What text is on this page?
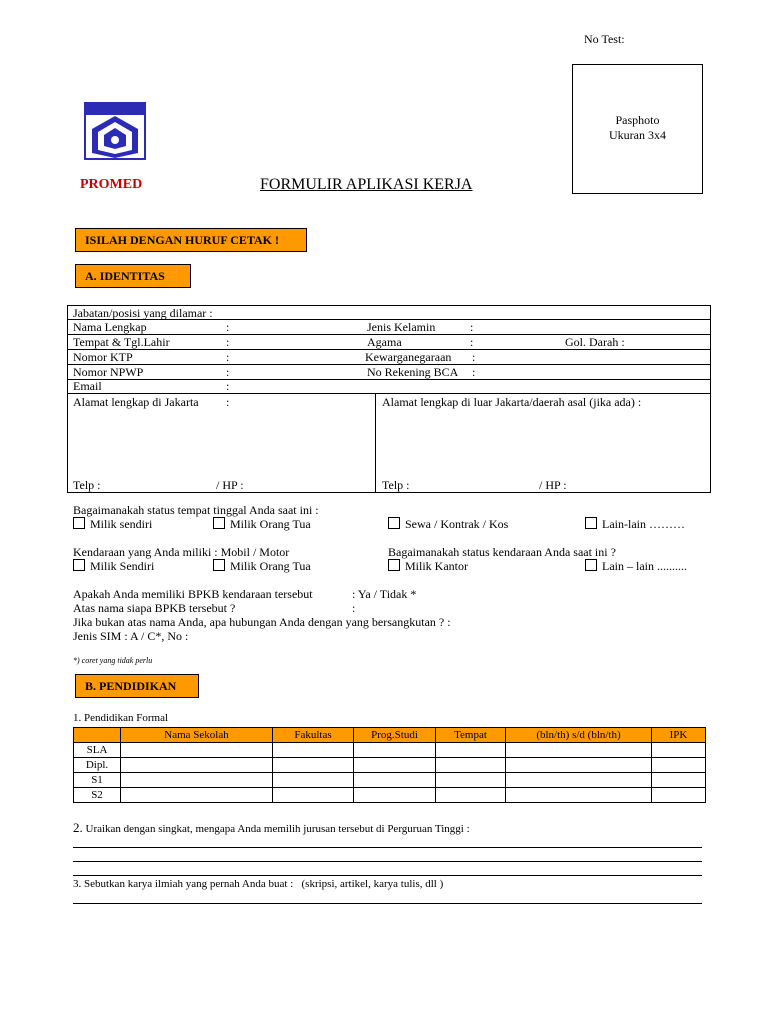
No Test:
Pasphoto
Ukuran 3x4
PROMED	FORMULIR APLIKASI KERJA
ISILAH DENGAN HURUF CETAK !
A. IDENTITAS
Jabatan/posisi yang dilamar :
Nama Lengkap	:	Jenis Kelamin	:
Tempat & Tgl.Lahir	:	Agama	:	Gol. Darah :
Nomor KTP	:	Kewarganegaraan :
Nomor NPWP	:	No Rekening BCA :
Email	:
Alamat lengkap di Jakarta :	Alamat lengkap di luar Jakarta/daerah asal (jika ada) :
Telp :	/ HP :	Telp :	/ HP :
Bagaimanakah status tempat tinggal Anda saat ini :
Milik sendiri	Milik Orang Tua	Sewa / Kontrak / Kos	Lain-lain ………
Kendaraan yang Anda miliki : Mobil / Motor	Bagaimanakah status kendaraan Anda saat ini ?
Milik Sendiri	Milik Orang Tua	Milik Kantor	Lain – lain ..........
Apakah Anda memiliki BPKB kendaraan tersebut	: Ya / Tidak *
Atas nama siapa BPKB tersebut ?	:
Jika bukan atas nama Anda, apa hubungan Anda dengan yang bersangkutan ? :
Jenis SIM : A / C*, No :
*) coret yang tidak perlu
B. PENDIDIKAN
1. Pendidikan Formal
	Nama Sekolah	Fakultas	Prog.Studi	Tempat	(bln/th) s/d (bln/th)	IPK
SLA						
Dipl.						
S1						
S2						
2. Uraikan dengan singkat, mengapa Anda memilih jurusan tersebut di Perguruan Tinggi :
3. Sebutkan karya ilmiah yang pernah Anda buat : (skripsi, artikel, karya tulis, dll )
